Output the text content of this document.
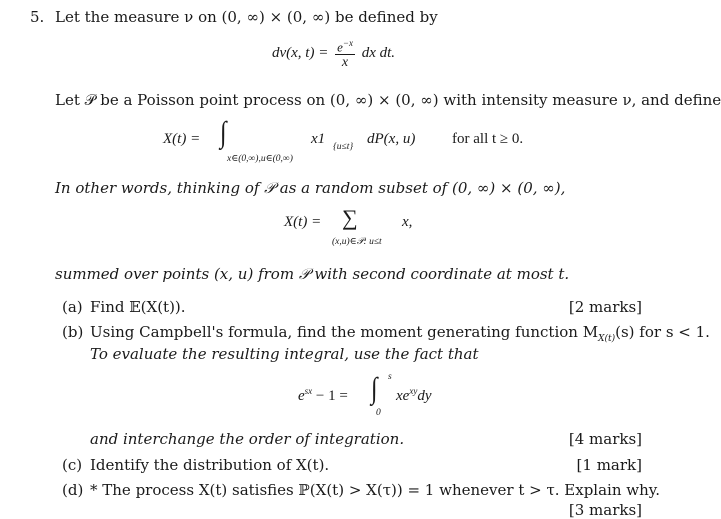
5. Let the measure ν on (0, ∞) × (0, ∞) be defined by
dν(x, $t) = \frac{e^{-x}}{x}$ dx dt.
Let 𝒫 be a Poisson point process on (0, ∞) × (0, ∞) with intensity measure ν, and define
X(t) = ∫
x∈(0,∞),u∈(0,∞)
x1 {u≤t} dP(x, u) for all t ≥ 0.
In other words, thinking of 𝒫 as a random subset of (0, ∞) × (0, ∞),
X(t) = ∑
(x,u)∈𝒫: u≤t
x,
summed over points (x, u) from 𝒫 with second coordinate at most t.
(a) Find 𝔼(X(t)).	[2 marks]
(b) Using Campbell's formula, find the moment generating function $M_{X(t)}(s)$ for s < 1.
To evaluate the resulting integral, use the fact that
$e^{sx} - 1$ = ∫ s
0
$xe^{xy}dy$
and interchange the order of integration.	[4 marks]
(c) Identify the distribution of X(t).	[1 mark]
(d) * The process X(t) satisfies ℙ(X(t) > X(τ)) = 1 whenever t > τ. Explain why.
[3 marks]
